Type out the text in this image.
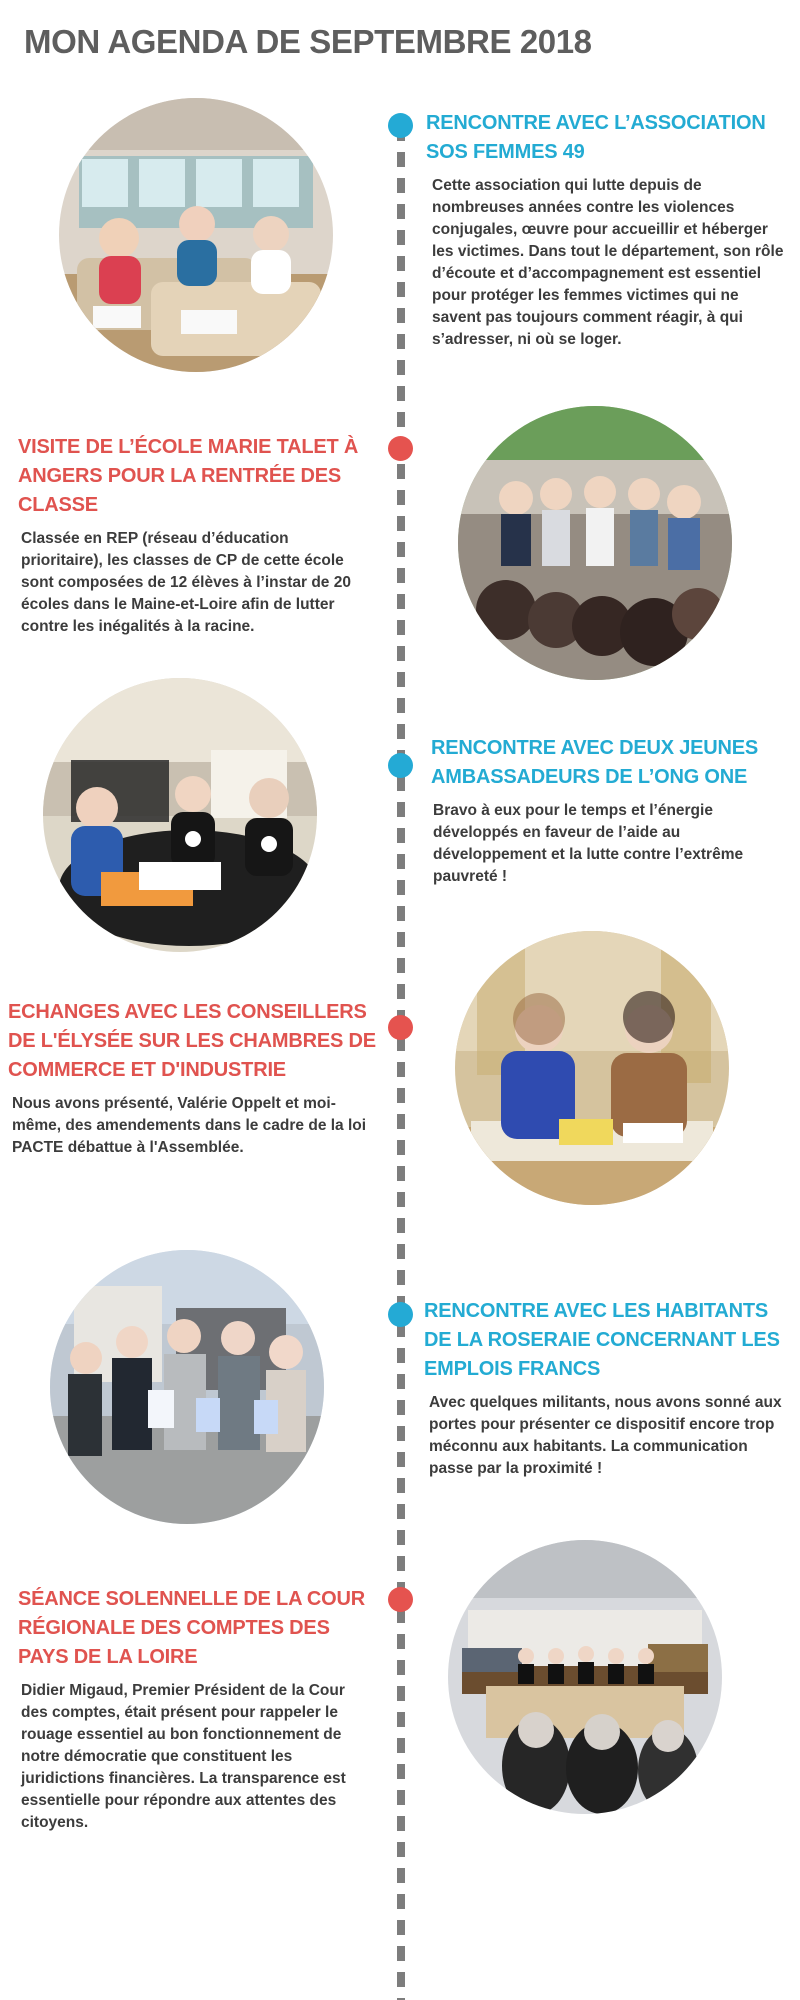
MON AGENDA DE SEPTEMBRE 2018
RENCONTRE AVEC L’ASSOCIATION SOS FEMMES 49

Cette association qui lutte depuis de nombreuses années contre les violences conjugales, œuvre pour accueillir et héberger les victimes. Dans tout le département, son rôle d’écoute et d’accompagnement est essentiel pour protéger les femmes victimes qui ne savent pas toujours comment réagir, à qui s’adresser, ni où se loger.

VISITE DE L’ÉCOLE MARIE TALET À ANGERS POUR LA RENTRÉE DES CLASSE

Classée en REP (réseau d’éducation prioritaire), les classes de CP de cette école sont composées de 12 élèves à l’instar de 20 écoles dans le Maine-et-Loire afin de lutter contre les inégalités à la racine.

RENCONTRE AVEC DEUX JEUNES AMBASSADEURS DE L’ONG ONE

Bravo à eux pour le temps et l’énergie développés en faveur de l’aide au développement et la lutte contre l’extrême pauvreté !

ECHANGES AVEC LES CONSEILLERS DE L'ÉLYSÉE SUR LES CHAMBRES DE COMMERCE ET D'INDUSTRIE

Nous avons présenté, Valérie Oppelt et moi-même, des amendements dans le cadre de la loi PACTE débattue à l'Assemblée.

RENCONTRE AVEC LES HABITANTS DE LA ROSERAIE CONCERNANT LES EMPLOIS FRANCS

Avec quelques militants, nous avons sonné aux portes pour présenter ce dispositif encore trop méconnu aux habitants. La communication passe par la proximité !

SÉANCE SOLENNELLE DE LA COUR RÉGIONALE DES COMPTES DES PAYS DE LA LOIRE

Didier Migaud, Premier Président de la Cour des comptes, était présent pour rappeler le rouage essentiel au bon fonctionnement de notre démocratie que constituent les juridictions financières. La transparence est essentielle pour répondre aux attentes des citoyens.
